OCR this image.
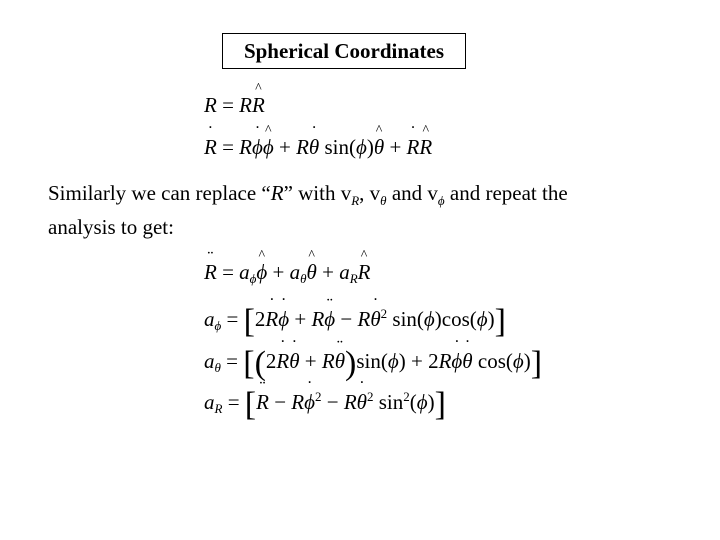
Spherical Coordinates
R = R^ R
˙ R = R˙ ϕ^ ϕ + R˙ θ sin(ϕ)^ θ + ˙ R^ R
Similarly we can replace “R” with $v_R$, $v_\theta$ and $v_\phi$ and repeat the
analysis to get:
¨ $R = a_\phi\^{}$ $\phi + a_\theta\^{}$ $\theta + a_R\^{}$ R
$a_\phi$ = [2˙ R˙ ϕ + R¨ ϕ − R˙ $\theta^2$ sin(ϕ)cos(ϕ)]
$a_\theta$ = [(2˙ R˙ θ + R¨ θ)sin(ϕ) + 2R˙ ϕ˙ θ cos(ϕ)]
$a_R$ = [¨ R − R˙ $\phi^2$ − R˙ $\theta^2$ $\sin^2(\phi)$]
